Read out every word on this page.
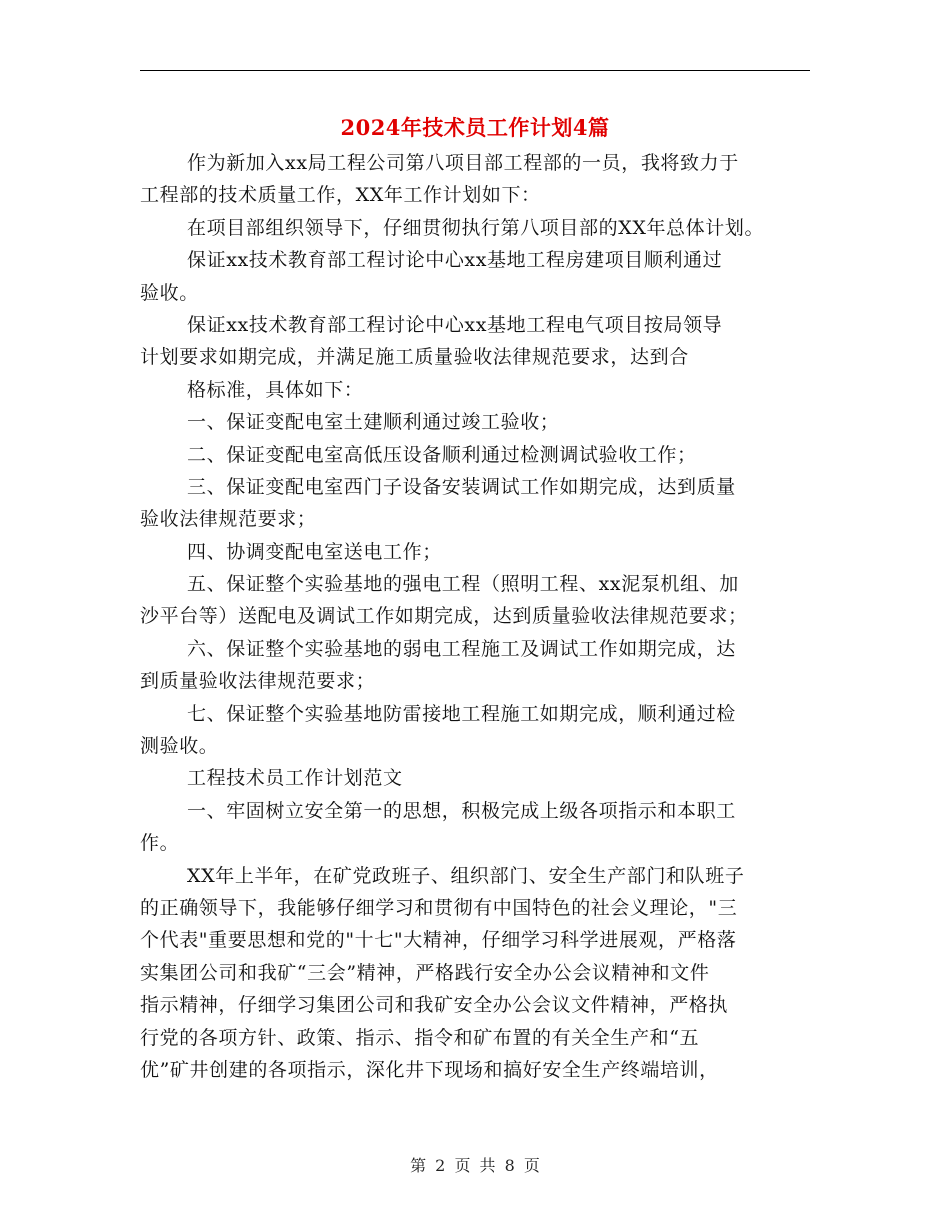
2024年技术员工作计划4篇
作为新加入xx局工程公司第八项目部工程部的一员，我将致力于
工程部的技术质量工作，XX年工作计划如下：
在项目部组织领导下，仔细贯彻执行第八项目部的XX年总体计划。
保证xx技术教育部工程讨论中心xx基地工程房建项目顺利通过
验收。
保证xx技术教育部工程讨论中心xx基地工程电气项目按局领导
计划要求如期完成，并满足施工质量验收法律规范要求，达到合
格标准，具体如下：
一、保证变配电室土建顺利通过竣工验收；
二、保证变配电室高低压设备顺利通过检测调试验收工作；
三、保证变配电室西门子设备安装调试工作如期完成，达到质量
验收法律规范要求；
四、协调变配电室送电工作；
五、保证整个实验基地的强电工程（照明工程、xx泥泵机组、加
沙平台等）送配电及调试工作如期完成，达到质量验收法律规范要求；
六、保证整个实验基地的弱电工程施工及调试工作如期完成，达
到质量验收法律规范要求；
七、保证整个实验基地防雷接地工程施工如期完成，顺利通过检
测验收。
工程技术员工作计划范文
一、牢固树立安全第一的思想，积极完成上级各项指示和本职工
作。
XX年上半年，在矿党政班子、组织部门、安全生产部门和队班子
的正确领导下，我能够仔细学习和贯彻有中国特色的社会义理论，"三
个代表"重要思想和党的"十七"大精神，仔细学习科学进展观，严格落
实集团公司和我矿“三会”精神，严格践行安全办公会议精神和文件
指示精神，仔细学习集团公司和我矿安全办公会议文件精神，严格执
行党的各项方针、政策、指示、指令和矿布置的有关全生产和“五
优”矿井创建的各项指示，深化井下现场和搞好安全生产终端培训，
第 2 页 共 8 页
